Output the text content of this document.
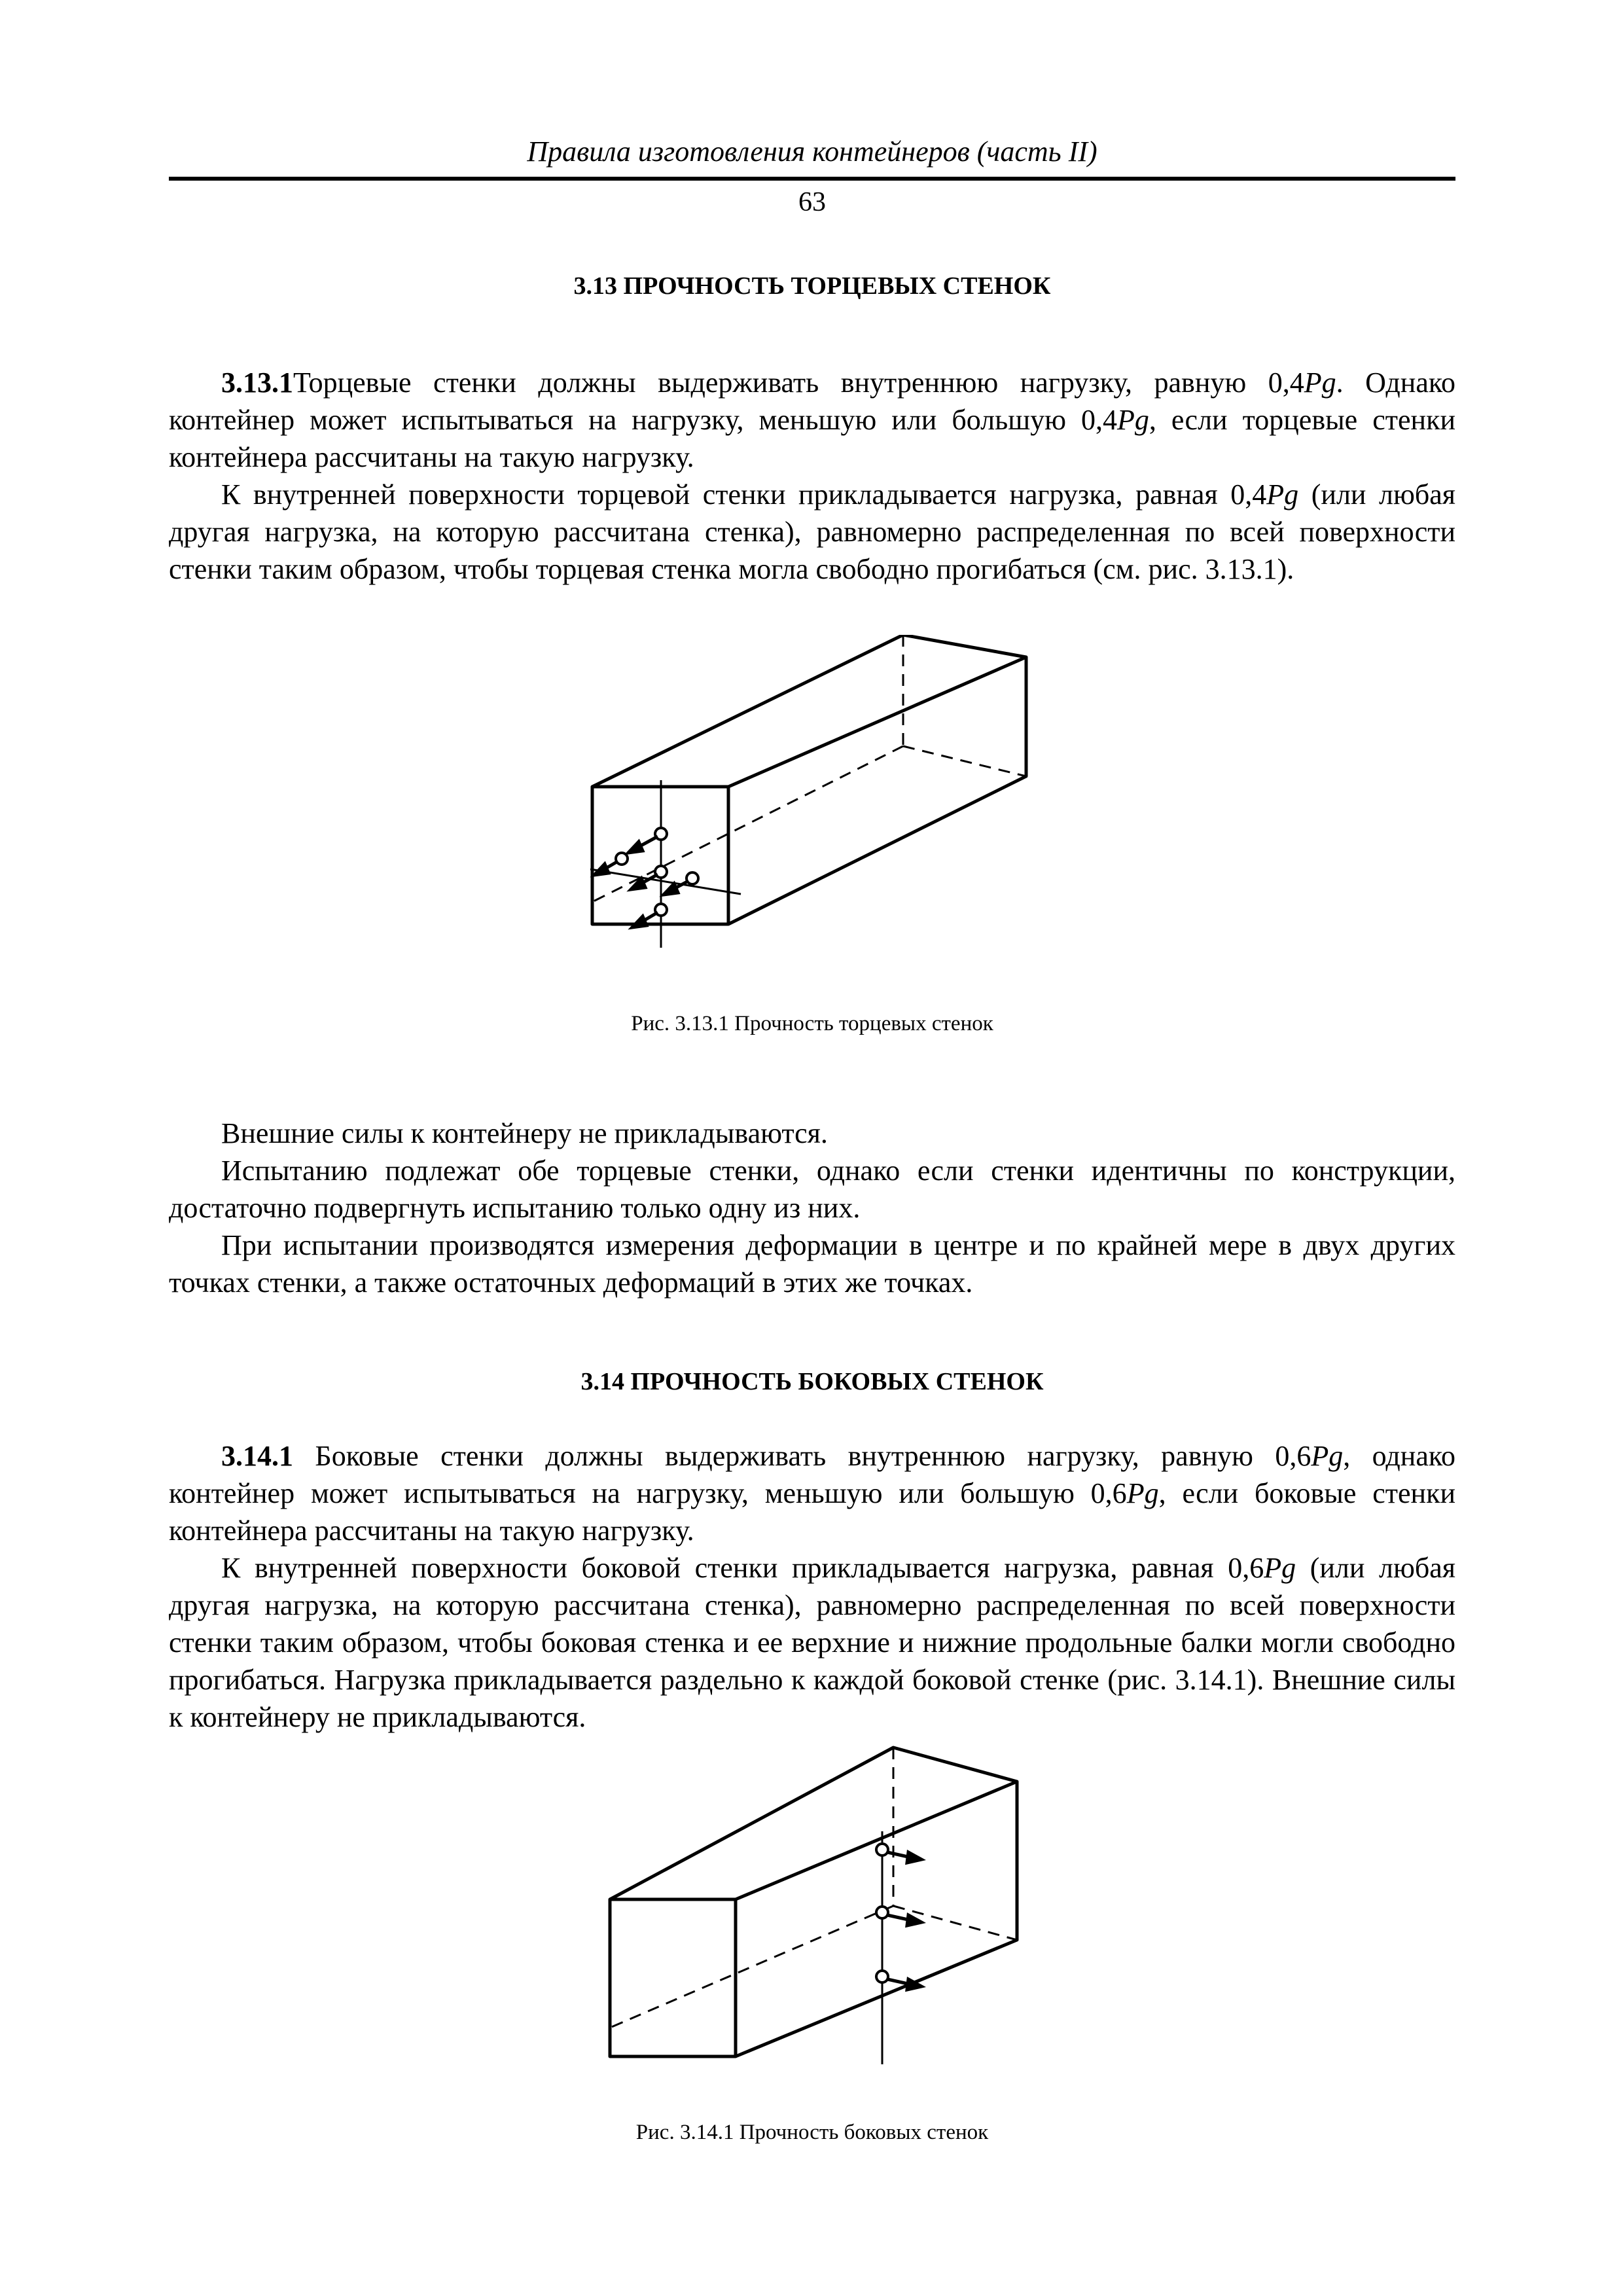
Правила изготовления контейнеров (часть II)
63
3.13 ПРОЧНОСТЬ ТОРЦЕВЫХ СТЕНОК

3.13.1Торцевые стенки должны выдерживать внутреннюю нагрузку, равную 0,4Pg. Однако контейнер может испытываться на нагрузку, меньшую или большую 0,4Pg, если торцевые стенки контейнера рассчитаны на такую нагрузку.

К внутренней поверхности торцевой стенки прикладывается нагрузка, равная 0,4Pg (или любая другая нагрузка, на которую рассчитана стенка), равномерно распределенная по всей поверхности стенки таким образом, чтобы торцевая стенка могла свободно прогибаться (см. рис. 3.13.1).

Рис. 3.13.1 Прочность торцевых стенок

Внешние силы к контейнеру не прикладываются.

Испытанию подлежат обе торцевые стенки, однако если стенки идентичны по конструкции, достаточно подвергнуть испытанию только одну из них.

При испытании производятся измерения деформации в центре и по крайней мере в двух других точках стенки, а также остаточных деформаций в этих же точках.

3.14 ПРОЧНОСТЬ БОКОВЫХ СТЕНОК

3.14.1 Боковые стенки должны выдерживать внутреннюю нагрузку, равную 0,6Pg, однако контейнер может испытываться на нагрузку, меньшую или большую 0,6Pg, если боковые стенки контейнера рассчитаны на такую нагрузку.

К внутренней поверхности боковой стенки прикладывается нагрузка, равная 0,6Pg (или любая другая нагрузка, на которую рассчитана стенка), равномерно распределенная по всей поверхности стенки таким образом, чтобы боковая стенка и ее верхние и нижние продольные балки могли свободно прогибаться. Нагрузка прикладывается раздельно к каждой боковой стенке (рис. 3.14.1). Внешние силы к контейнеру не прикладываются.

Рис. 3.14.1 Прочность боковых стенок
